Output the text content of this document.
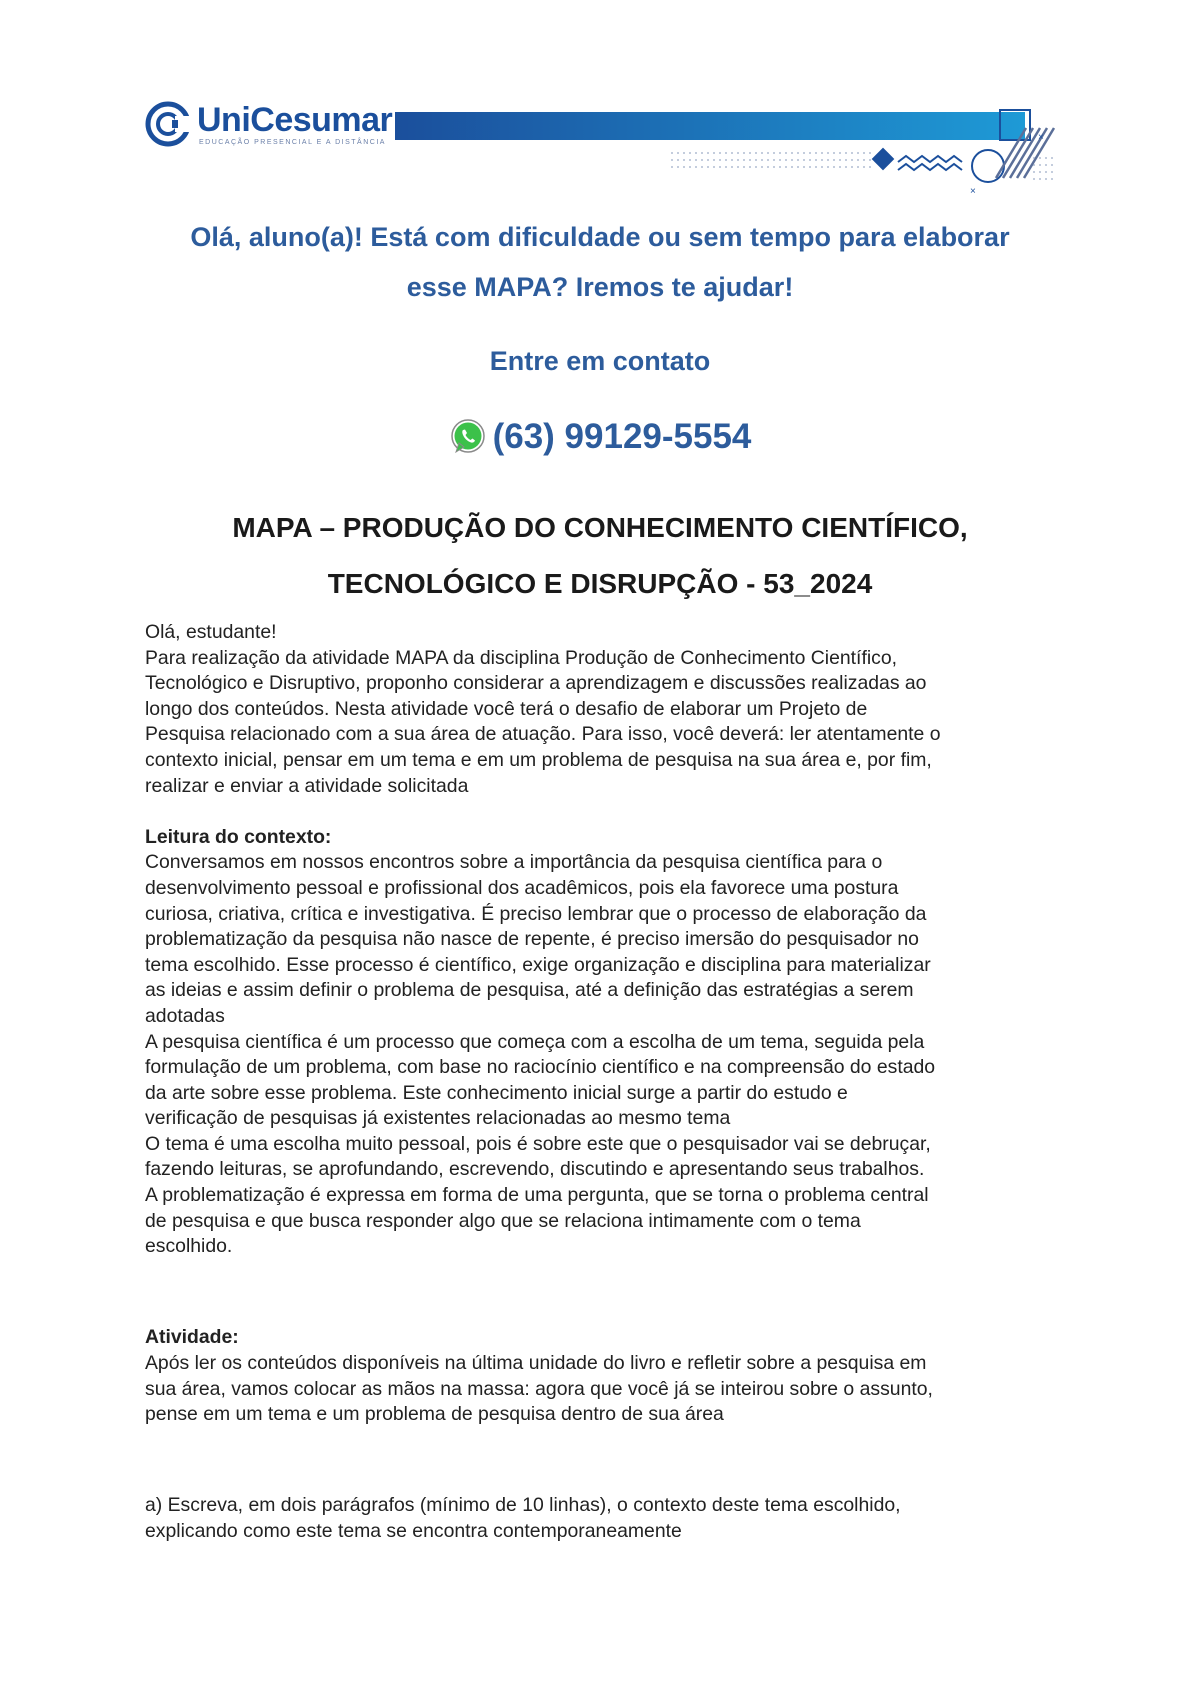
UniCesumar
EDUCAÇÃO PRESENCIAL E A DISTÂNCIA	×
×
Olá, aluno(a)! Está com dificuldade ou sem tempo para elaborar
esse MAPA? Iremos te ajudar!
Entre em contato
(63) 99129-5554
MAPA – PRODUÇÃO DO CONHECIMENTO CIENTÍFICO,
TECNOLÓGICO E DISRUPÇÃO - 53_2024

Olá, estudante!

Para realização da atividade MAPA da disciplina Produção de Conhecimento Científico,

Tecnológico e Disruptivo, proponho considerar a aprendizagem e discussões realizadas ao

longo dos conteúdos. Nesta atividade você terá o desafio de elaborar um Projeto de

Pesquisa relacionado com a sua área de atuação. Para isso, você deverá: ler atentamente o

contexto inicial, pensar em um tema e em um problema de pesquisa na sua área e, por fim,

realizar e enviar a atividade solicitada

Leitura do contexto:

Conversamos em nossos encontros sobre a importância da pesquisa científica para o

desenvolvimento pessoal e profissional dos acadêmicos, pois ela favorece uma postura

curiosa, criativa, crítica e investigativa. É preciso lembrar que o processo de elaboração da

problematização da pesquisa não nasce de repente, é preciso imersão do pesquisador no

tema escolhido. Esse processo é científico, exige organização e disciplina para materializar

as ideias e assim definir o problema de pesquisa, até a definição das estratégias a serem

adotadas

A pesquisa científica é um processo que começa com a escolha de um tema, seguida pela

formulação de um problema, com base no raciocínio científico e na compreensão do estado

da arte sobre esse problema. Este conhecimento inicial surge a partir do estudo e

verificação de pesquisas já existentes relacionadas ao mesmo tema

O tema é uma escolha muito pessoal, pois é sobre este que o pesquisador vai se debruçar,

fazendo leituras, se aprofundando, escrevendo, discutindo e apresentando seus trabalhos.

A problematização é expressa em forma de uma pergunta, que se torna o problema central

de pesquisa e que busca responder algo que se relaciona intimamente com o tema

escolhido.

Atividade:

Após ler os conteúdos disponíveis na última unidade do livro e refletir sobre a pesquisa em

sua área, vamos colocar as mãos na massa: agora que você já se inteirou sobre o assunto,

pense em um tema e um problema de pesquisa dentro de sua área

a) Escreva, em dois parágrafos (mínimo de 10 linhas), o contexto deste tema escolhido,

explicando como este tema se encontra contemporaneamente
